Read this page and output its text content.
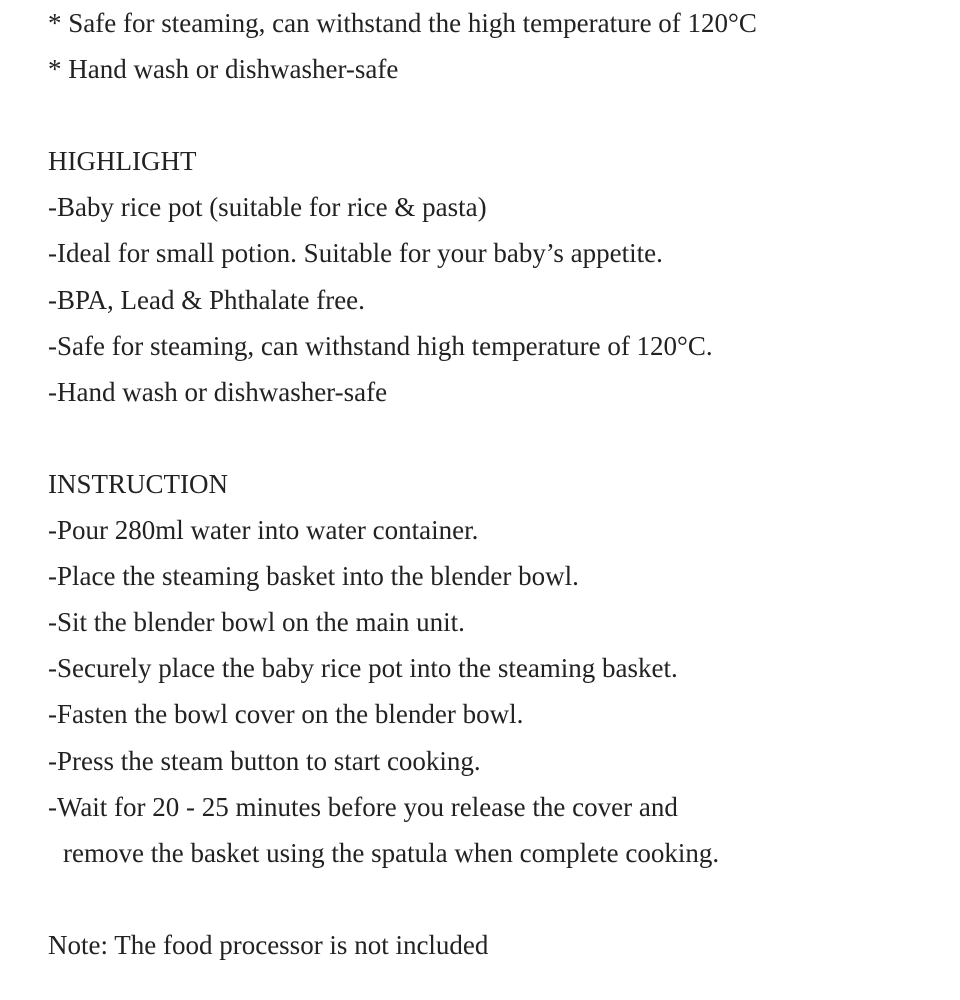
* Safe for steaming, can withstand the high temperature of 120°C
* Hand wash or dishwasher-safe
HIGHLIGHT
-Baby rice pot (suitable for rice & pasta)
-Ideal for small potion. Suitable for your baby’s appetite.
-BPA, Lead & Phthalate free.
-Safe for steaming, can withstand high temperature of 120°C.
-Hand wash or dishwasher-safe
INSTRUCTION
-Pour 280ml water into water container.
-Place the steaming basket into the blender bowl.
-Sit the blender bowl on the main unit.
-Securely place the baby rice pot into the steaming basket.
-Fasten the bowl cover on the blender bowl.
-Press the steam button to start cooking.
-Wait for 20 - 25 minutes before you release the cover and
remove the basket using the spatula when complete cooking.
Note: The food processor is not included
